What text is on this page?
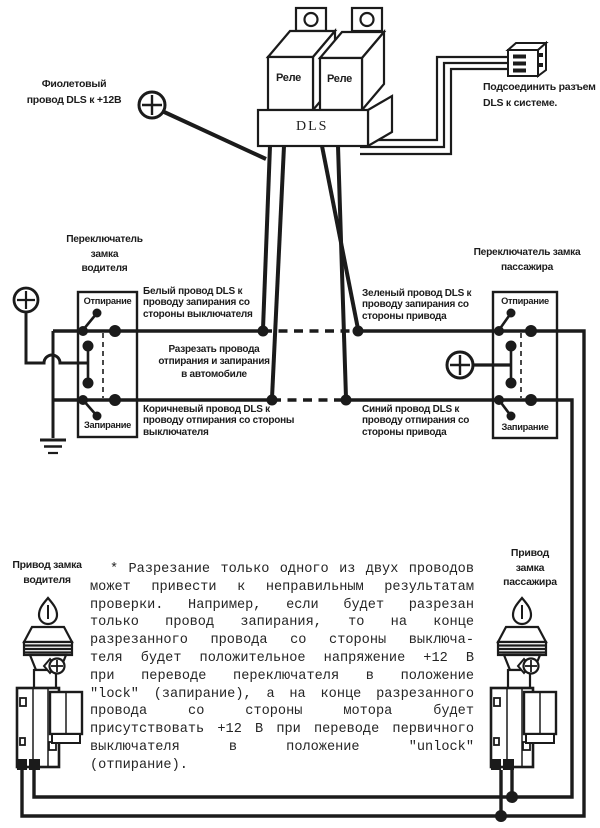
Фиолетовый
провод DLS к +12В
Реле Реле
DLS
Подсоединить разъем
DLS к системе.
Переключатель
замка
водителя
Переключатель замка
пассажира
Отпирание
Запирание
Отпирание
Запирание
Белый провод DLS к
проводу запирания со
стороны выключателя
Разрезать провода
отпирания и запирания
в автомобиле
Коричневый провод DLS к
проводу отпирания со стороны
выключателя
Зеленый провод DLS к
проводу запирания со
стороны привода
Синий провод DLS к
проводу отпирания со
стороны привода
Привод замка
водителя
Привод
замка
пассажира
* Разрезание только одного из двух проводов
может привести к неправильным результатам
проверки. Например, если будет разрезан
только провод запирания, то на конце
разрезанного провода со стороны выключа-
теля будет положительное напряжение +12 В
при переводе переключателя в положение
"lock" (запирание), а на конце разрезанного
провода со стороны мотора будет
присутствовать +12 В при переводе первичного
выключателя в положение "unlock"
(отпирание).
